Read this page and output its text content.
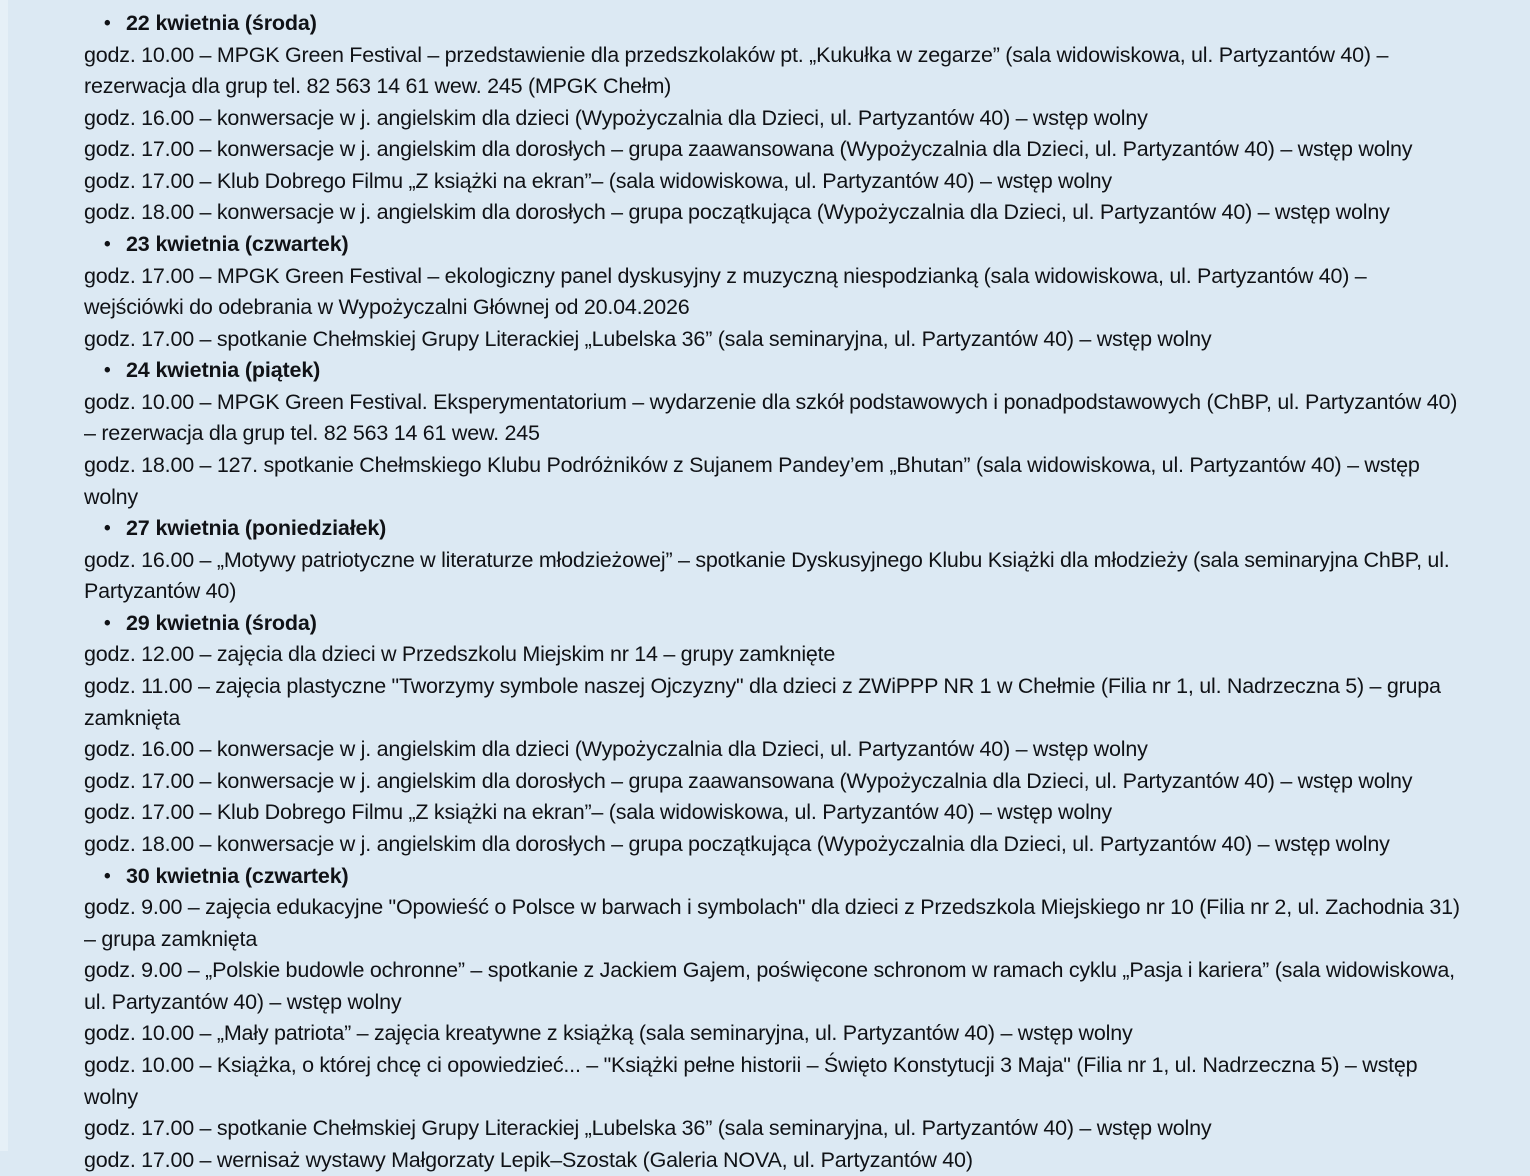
• 22 kwietnia (środa)

godz. 10.00 – MPGK Green Festival – przedstawienie dla przedszkolaków pt. „Kukułka w zegarze” (sala widowiskowa, ul. Partyzantów 40) – rezerwacja dla grup tel. 82 563 14 61 wew. 245 (MPGK Chełm)

godz. 16.00 – konwersacje w j. angielskim dla dzieci (Wypożyczalnia dla Dzieci, ul. Partyzantów 40) – wstęp wolny

godz. 17.00 – konwersacje w j. angielskim dla dorosłych – grupa zaawansowana (Wypożyczalnia dla Dzieci, ul. Partyzantów 40) – wstęp wolny

godz. 17.00 – Klub Dobrego Filmu „Z książki na ekran”– (sala widowiskowa, ul. Partyzantów 40) – wstęp wolny

godz. 18.00 – konwersacje w j. angielskim dla dorosłych – grupa początkująca (Wypożyczalnia dla Dzieci, ul. Partyzantów 40) – wstęp wolny

• 23 kwietnia (czwartek)

godz. 17.00 – MPGK Green Festival – ekologiczny panel dyskusyjny z muzyczną niespodzianką (sala widowiskowa, ul. Partyzantów 40) – wejściówki do odebrania w Wypożyczalni Głównej od 20.04.2026

godz. 17.00 – spotkanie Chełmskiej Grupy Literackiej „Lubelska 36” (sala seminaryjna, ul. Partyzantów 40) – wstęp wolny

• 24 kwietnia (piątek)

godz. 10.00 – MPGK Green Festival. Eksperymentatorium – wydarzenie dla szkół podstawowych i ponadpodstawowych (ChBP, ul. Partyzantów 40) – rezerwacja dla grup tel. 82 563 14 61 wew. 245

godz. 18.00 – 127. spotkanie Chełmskiego Klubu Podróżników z Sujanem Pandey’em „Bhutan” (sala widowiskowa, ul. Partyzantów 40) – wstęp wolny

• 27 kwietnia (poniedziałek)

godz. 16.00 – „Motywy patriotyczne w literaturze młodzieżowej” – spotkanie Dyskusyjnego Klubu Książki dla młodzieży (sala seminaryjna ChBP, ul. Partyzantów 40)

• 29 kwietnia (środa)

godz. 12.00 – zajęcia dla dzieci w Przedszkolu Miejskim nr 14 – grupy zamknięte

godz. 11.00 – zajęcia plastyczne "Tworzymy symbole naszej Ojczyzny" dla dzieci z ZWiPPP NR 1 w Chełmie (Filia nr 1, ul. Nadrzeczna 5) – grupa zamknięta

godz. 16.00 – konwersacje w j. angielskim dla dzieci (Wypożyczalnia dla Dzieci, ul. Partyzantów 40) – wstęp wolny

godz. 17.00 – konwersacje w j. angielskim dla dorosłych – grupa zaawansowana (Wypożyczalnia dla Dzieci, ul. Partyzantów 40) – wstęp wolny

godz. 17.00 – Klub Dobrego Filmu „Z książki na ekran”– (sala widowiskowa, ul. Partyzantów 40) – wstęp wolny

godz. 18.00 – konwersacje w j. angielskim dla dorosłych – grupa początkująca (Wypożyczalnia dla Dzieci, ul. Partyzantów 40) – wstęp wolny

• 30 kwietnia (czwartek)

godz. 9.00 – zajęcia edukacyjne "Opowieść o Polsce w barwach i symbolach" dla dzieci z Przedszkola Miejskiego nr 10 (Filia nr 2, ul. Zachodnia 31) – grupa zamknięta

godz. 9.00 – „Polskie budowle ochronne” – spotkanie z Jackiem Gajem, poświęcone schronom w ramach cyklu „Pasja i kariera” (sala widowiskowa, ul. Partyzantów 40) – wstęp wolny

godz. 10.00 – „Mały patriota” – zajęcia kreatywne z książką (sala seminaryjna, ul. Partyzantów 40) – wstęp wolny

godz. 10.00 – Książka, o której chcę ci opowiedzieć... – "Książki pełne historii – Święto Konstytucji 3 Maja" (Filia nr 1, ul. Nadrzeczna 5) – wstęp wolny

godz. 17.00 – spotkanie Chełmskiej Grupy Literackiej „Lubelska 36” (sala seminaryjna, ul. Partyzantów 40) – wstęp wolny

godz. 17.00 – wernisaż wystawy Małgorzaty Lepik–Szostak (Galeria NOVA, ul. Partyzantów 40)
